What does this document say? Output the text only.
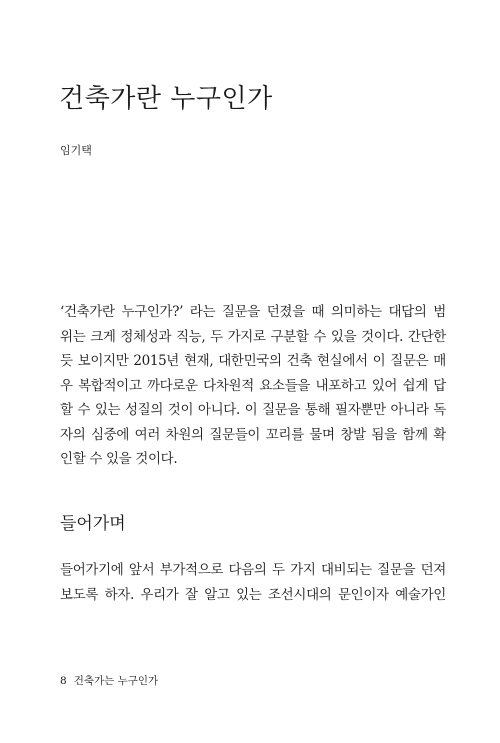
건축가란 누구인가
임기택
‘건축가란 누구인가?’ 라는 질문을 던졌을 때 의미하는 대답의 범
위는 크게 정체성과 직능, 두 가지로 구분할 수 있을 것이다. 간단한
듯 보이지만 2015년 현재, 대한민국의 건축 현실에서 이 질문은 매
우 복합적이고 까다로운 다차원적 요소들을 내포하고 있어 쉽게 답
할 수 있는 성질의 것이 아니다. 이 질문을 통해 필자뿐만 아니라 독
자의 심중에 여러 차원의 질문들이 꼬리를 물며 창발 됨을 함께 확
인할 수 있을 것이다.
들어가며
들어가기에 앞서 부가적으로 다음의 두 가지 대비되는 질문을 던져
보도록 하자. 우리가 잘 알고 있는 조선시대의 문인이자 예술가인
8 건축가는 누구인가
